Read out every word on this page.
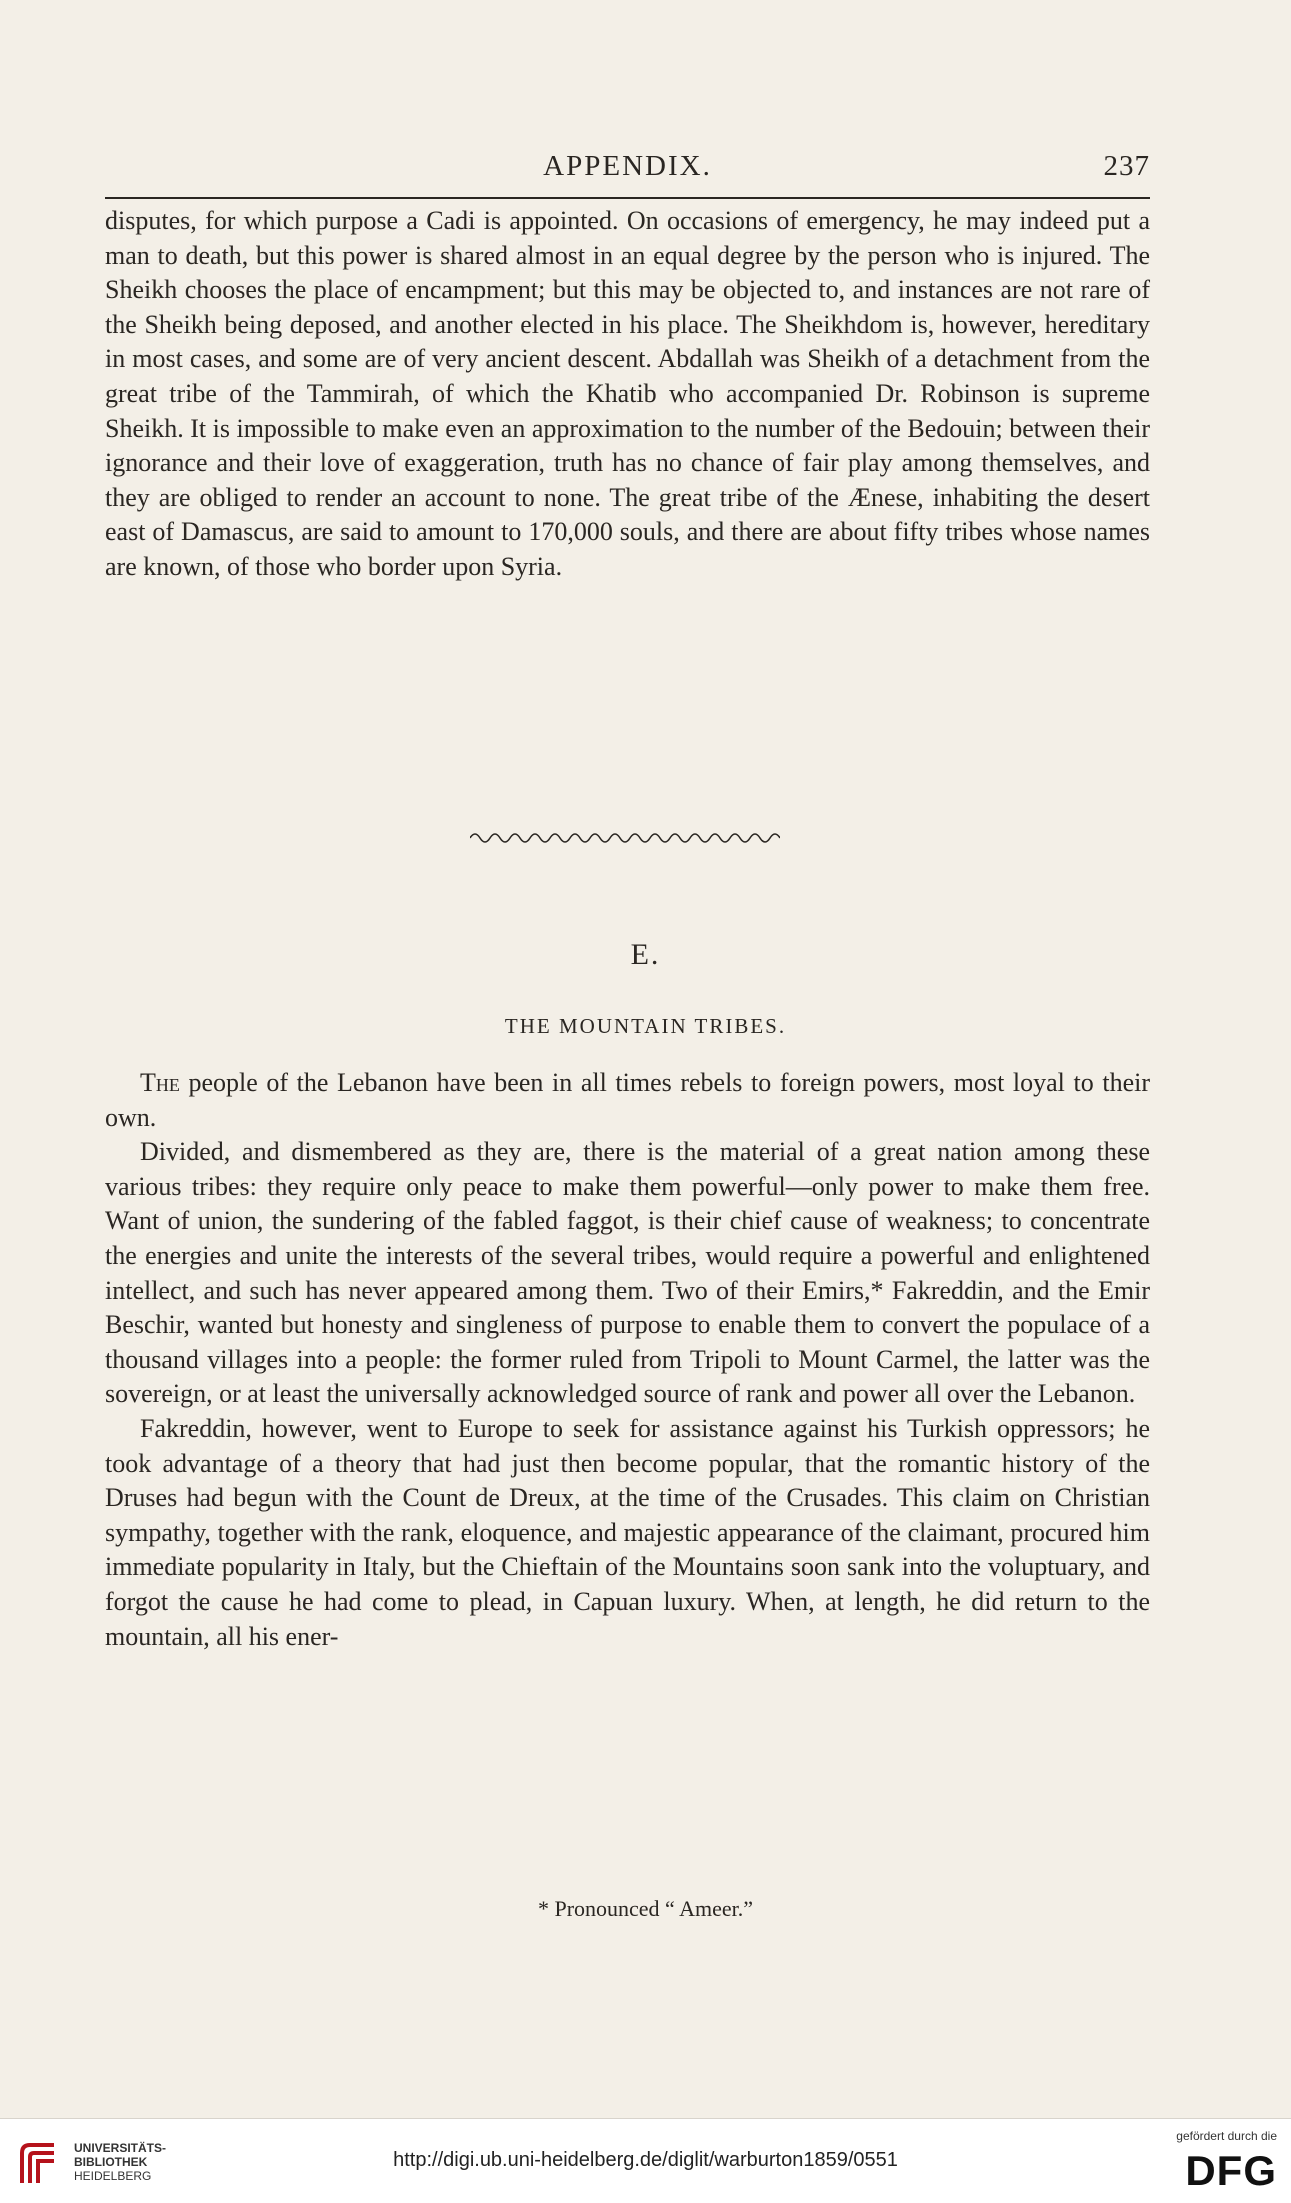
APPENDIX.	237

disputes, for which purpose a Cadi is appointed. On occasions of emergency, he may indeed put a man to death, but this power is shared almost in an equal degree by the person who is injured. The Sheikh chooses the place of encampment; but this may be objected to, and instances are not rare of the Sheikh being deposed, and another elected in his place. The Sheikhdom is, however, hereditary in most cases, and some are of very ancient descent. Abdallah was Sheikh of a detachment from the great tribe of the Tammirah, of which the Khatib who accompanied Dr. Robinson is supreme Sheikh. It is impossible to make even an approximation to the number of the Bedouin; between their ignorance and their love of exaggeration, truth has no chance of fair play among themselves, and they are obliged to render an account to none. The great tribe of the Ænese, inhabiting the desert east of Damascus, are said to amount to 170,000 souls, and there are about fifty tribes whose names are known, of those who border upon Syria.

E.
THE MOUNTAIN TRIBES.

The people of the Lebanon have been in all times rebels to foreign powers, most loyal to their own.

Divided, and dismembered as they are, there is the material of a great nation among these various tribes: they require only peace to make them powerful—only power to make them free. Want of union, the sundering of the fabled faggot, is their chief cause of weakness; to concentrate the energies and unite the interests of the several tribes, would require a powerful and enlightened intellect, and such has never appeared among them. Two of their Emirs,* Fakreddin, and the Emir Beschir, wanted but honesty and singleness of purpose to enable them to convert the populace of a thousand villages into a people: the former ruled from Tripoli to Mount Carmel, the latter was the sovereign, or at least the universally acknowledged source of rank and power all over the Lebanon.

Fakreddin, however, went to Europe to seek for assistance against his Turkish oppressors; he took advantage of a theory that had just then become popular, that the romantic history of the Druses had begun with the Count de Dreux, at the time of the Crusades. This claim on Christian sympathy, together with the rank, eloquence, and majestic appearance of the claimant, procured him immediate popularity in Italy, but the Chieftain of the Mountains soon sank into the voluptuary, and forgot the cause he had come to plead, in Capuan luxury. When, at length, he did return to the mountain, all his ener-

* Pronounced “ Ameer.”
UNIVERSITÄTS-
BIBLIOTHEK
HEIDELBERG
http://digi.ub.uni-heidelberg.de/diglit/warburton1859/0551
gefördert durch die
DFG
